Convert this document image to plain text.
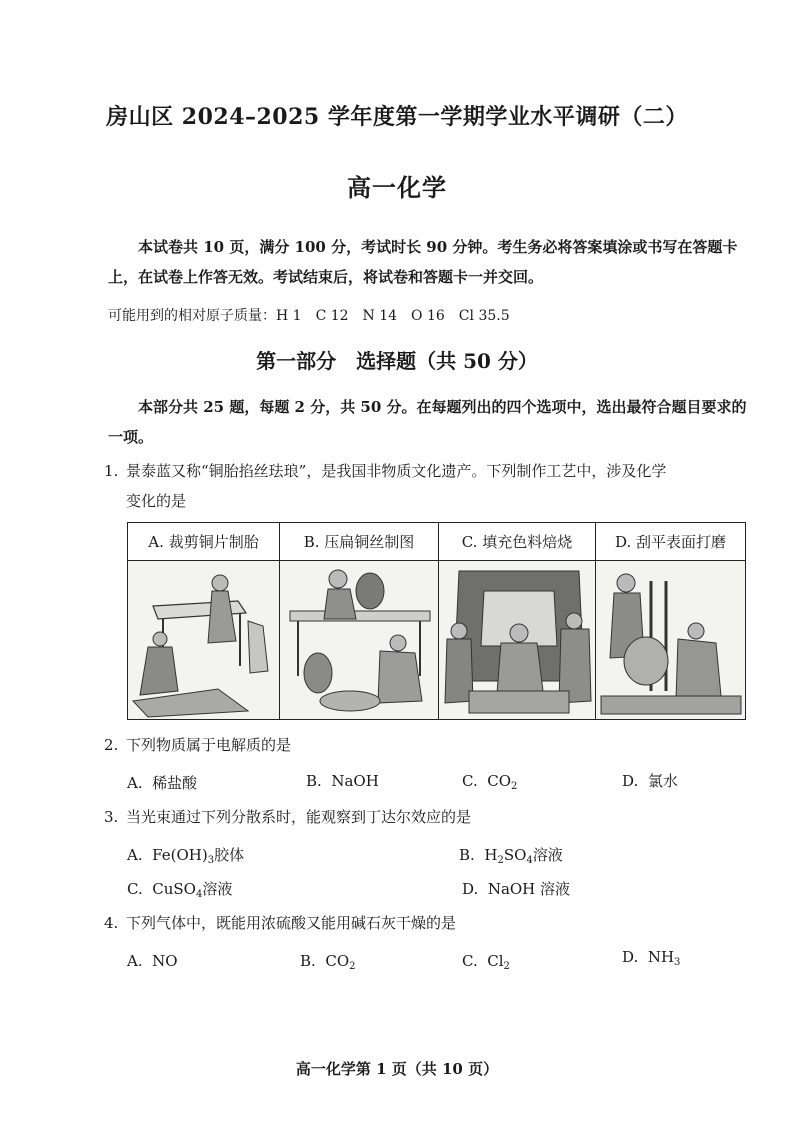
房山区 2024–2025 学年度第一学期学业水平调研（二）
高一化学
本试卷共 10 页，满分 100 分，考试时长 90 分钟。考生务必将答案填涂或书写在答题卡上，在试卷上作答无效。考试结束后，将试卷和答题卡一并交回。
可能用到的相对原子质量：H 1　C 12　N 14　O 16　Cl 35.5
第一部分　选择题（共 50 分）
本部分共 25 题，每题 2 分，共 50 分。在每题列出的四个选项中，选出最符合题目要求的一项。
1. 景泰蓝又称“铜胎掐丝珐琅”，是我国非物质文化遗产。下列制作工艺中，涉及化学
变化的是
A. 裁剪铜片制胎	B. 压扁铜丝制图	C. 填充色料焙烧	D. 刮平表面打磨
2. 下列物质属于电解质的是
A. 稀盐酸	B. NaOH	C. $CO_2$	D. 氯水
3. 当光束通过下列分散系时，能观察到丁达尔效应的是
A. $Fe(OH)_3$胶体	B. $H_2SO_4$溶液
C. CuSO$_4$溶液	D. NaOH 溶液
4. 下列气体中，既能用浓硫酸又能用碱石灰干燥的是
A. NO	B. $CO_2$	C. $Cl_2$
D. $NH_3$
高一化学第 1 页（共 10 页）
